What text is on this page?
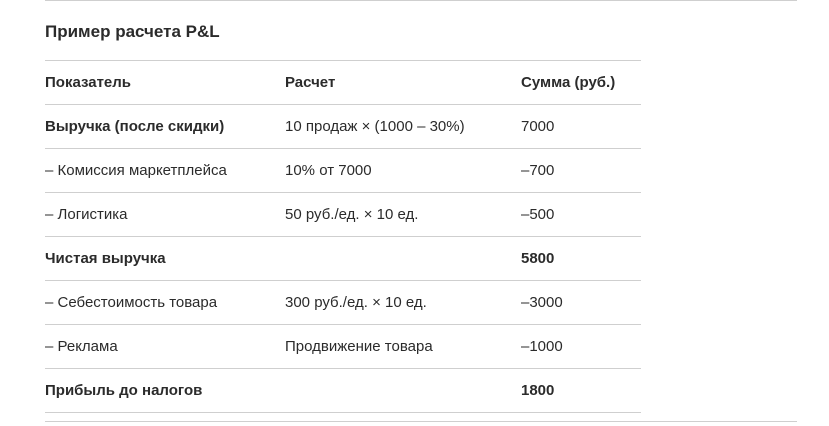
Пример расчета P&L
Показатель	Расчет	Сумма (руб.)
Выручка (после скидки)	10 продаж × (1000 – 30%)	7000
– Комиссия маркетплейса	10% от 7000	–700
– Логистика	50 руб./ед. × 10 ед.	–500
Чистая выручка		5800
– Себестоимость товара	300 руб./ед. × 10 ед.	–3000
– Реклама	Продвижение товара	–1000
Прибыль до налогов		1800
